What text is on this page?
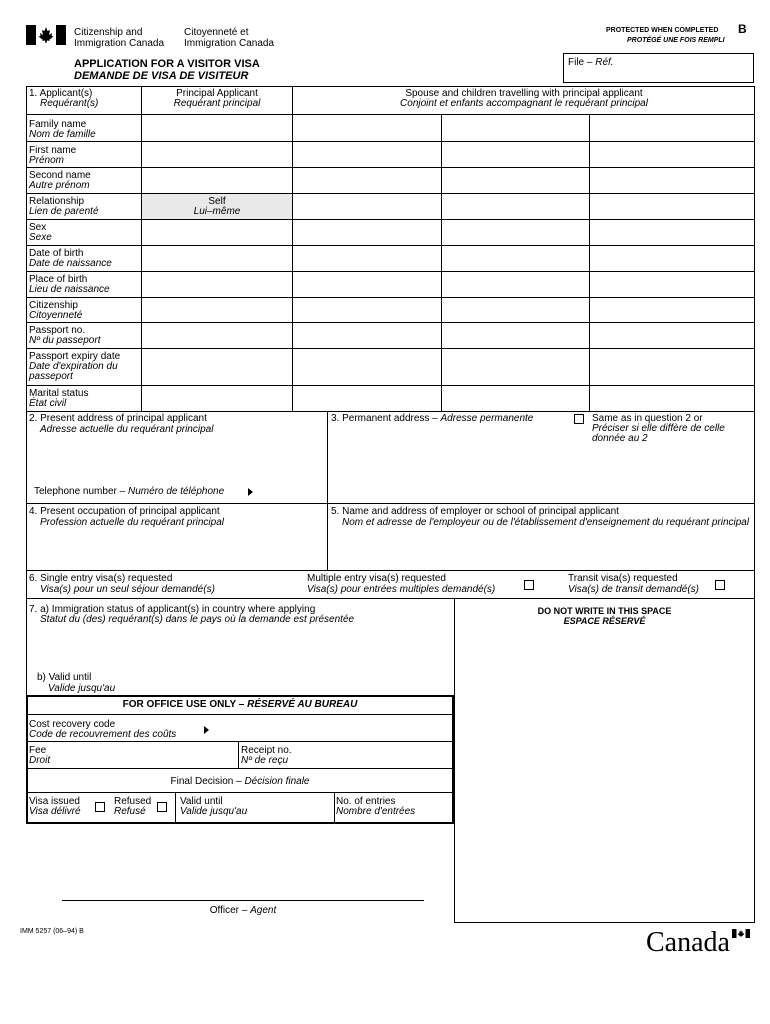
Citizenship and
Immigration Canada
Citoyenneté et
Immigration Canada
PROTECTED WHEN COMPLETED
PROTÉGÉ UNE FOIS REMPLI
B
APPLICATION FOR A VISITOR VISA
DEMANDE DE VISA DE VISITEUR
File – Réf.
1. Applicant(s)
Requérant(s)
Principal Applicant
Requérant principal
Spouse and children travelling with principal applicant
Conjoint et enfants accompagnant le requérant principal
Family name
Nom de famille
First name
Prénom
Second name
Autre prénom
Relationship
Lien de parenté
Sex
Sexe
Date of birth
Date de naissance
Place of birth
Lieu de naissance
Citizenship
Citoyenneté
Passport no.
Nº du passeport
Passport expiry date
Date d'expiration du
passeport
Marital status
État civil
Self
Lui–même
2. Present address of principal applicant
Adresse actuelle du requérant principal
Telephone number – Numéro de téléphone
3. Permanent address – Adresse permanente	Same as in question 2 or
Préciser si elle diffère de celle
donnée au 2
4. Present occupation of principal applicant
Profession actuelle du requérant principal
5. Name and address of employer or school of principal applicant
Nom et adresse de l'employeur ou de l'établissement d'enseignement du requérant principal
6. Single entry visa(s) requested
Visa(s) pour un seul séjour demandé(s)
Multiple entry visa(s) requested
Visa(s) pour entrées multiples demandé(s)
Transit visa(s) requested
Visa(s) de transit demandé(s)
7. a) Immigration status of applicant(s) in country where applying
Statut du (des) requérant(s) dans le pays où la demande est présentée
b) Valid until
Valide jusqu'au
DO NOT WRITE IN THIS SPACE
ESPACE RÉSERVÉ
FOR OFFICE USE ONLY – RÉSERVÉ AU BUREAU
Cost recovery code
Code de recouvrement des coûts
Fee
Droit
Receipt no.
Nº de reçu
Final Decision – Décision finale
Visa issued
Visa délivré
Refused
Refusé
Valid until
Valide jusqu'au
No. of entries
Nombre d'entrées
Officer – Agent
IMM 5257 (06–94) B	Canada
